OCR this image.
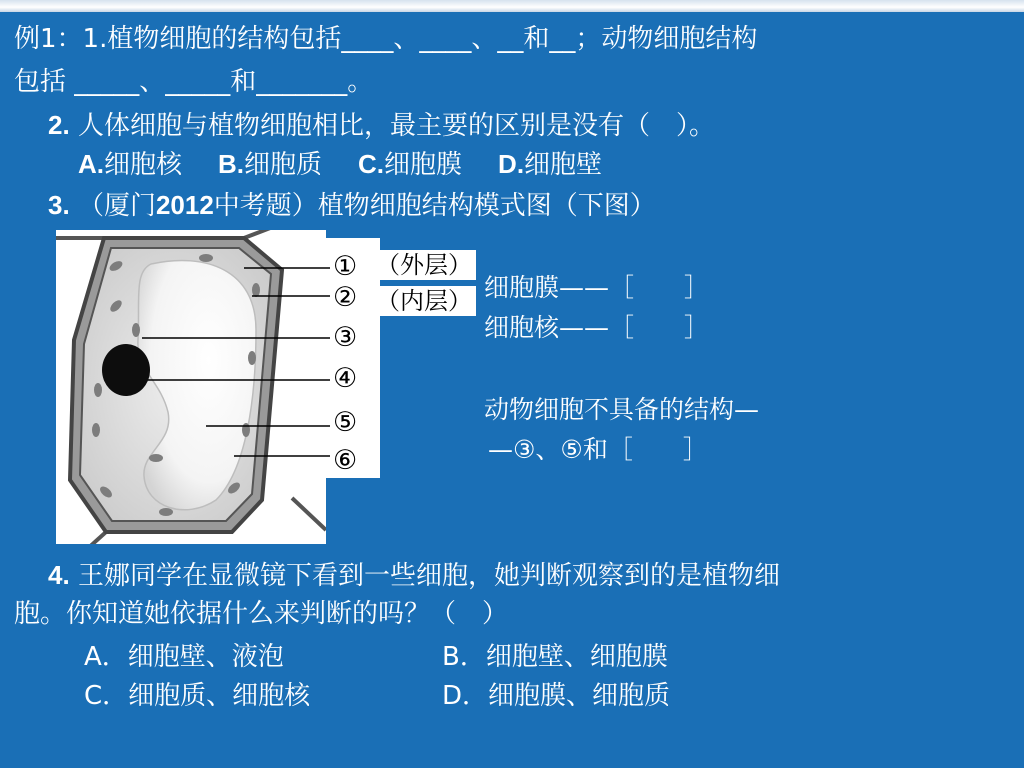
例1：1.植物细胞的结构包括____、____、__和__；动物细胞结构
包括 _____、_____和_______。
2. 人体细胞与植物细胞相比，最主要的区别是没有（　）。
A.细胞核 B.细胞质 C.细胞膜 D.细胞壁
3. （厦门2012中考题）植物细胞结构模式图（下图）
①
②
③
④
⑤
⑥
（外层）
（内层） 细胞膜——［　　］
细胞核——［　　］
动物细胞不具备的结构—
—③、⑤和［　　］
4. 王娜同学在显微镜下看到一些细胞，她判断观察到的是植物细
胞。你知道她依据什么来判断的吗？（　）
A．细胞壁、液泡	B．细胞壁、细胞膜
C．细胞质、细胞核	D．细胞膜、细胞质
